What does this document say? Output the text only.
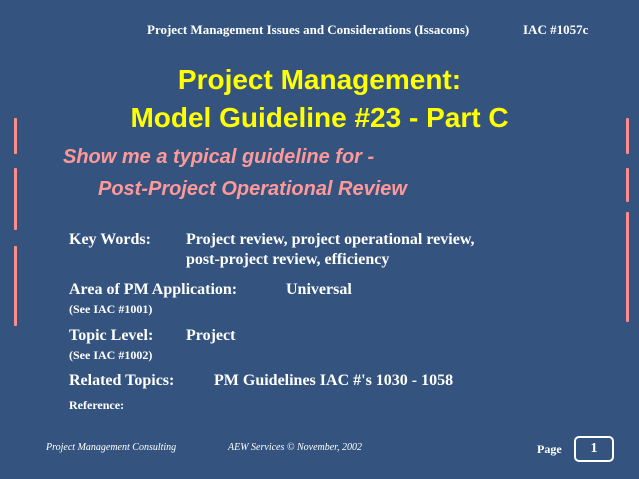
Project Management Issues and Considerations (Issacons)	IAC #1057c
Project Management:
Model Guideline #23 - Part C
Show me a typical guideline for -
Post-Project Operational Review
Key Words: Project review, project operational review,
post-project review, efficiency
Area of PM Application:	Universal
(See IAC #1001)
Topic Level: Project
(See IAC #1002)
Related Topics: PM Guidelines IAC #'s 1030 - 1058
Reference:
Project Management Consulting	AEW Services © November, 2002	Page	1
